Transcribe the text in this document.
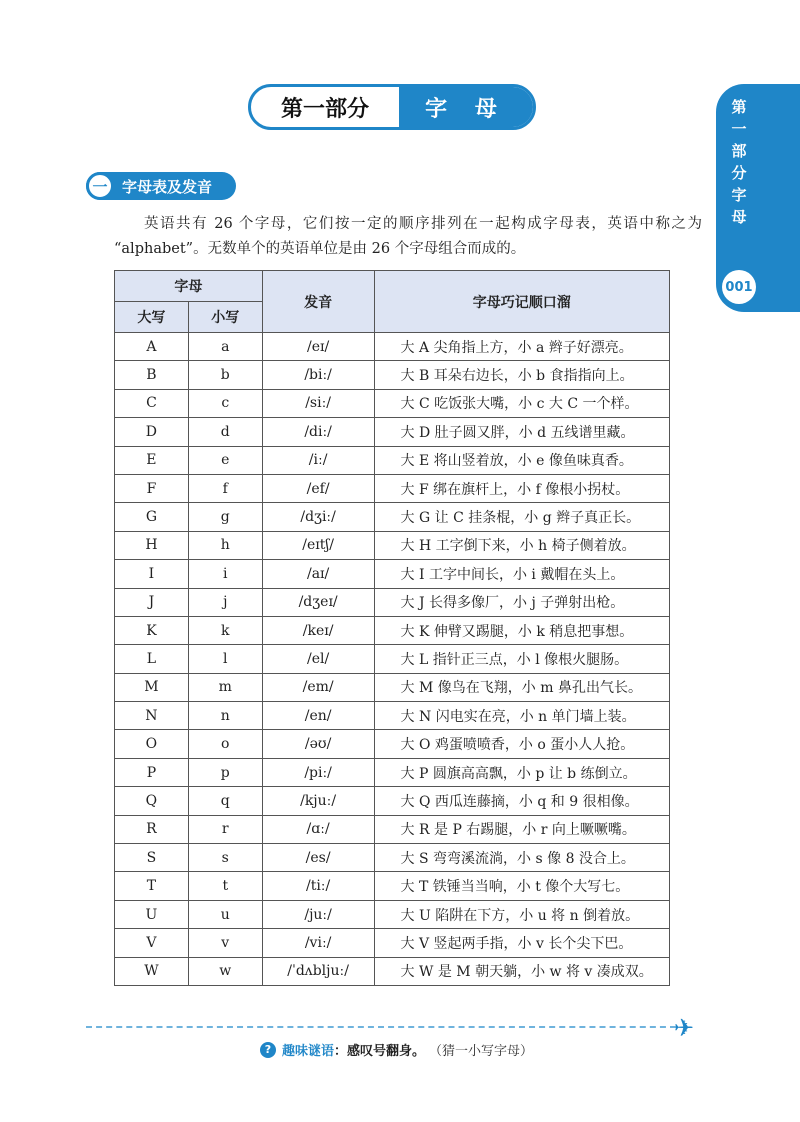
第一部分	字 母	第一部分字母
001
一 字母表及发音
英语共有 26 个字母，它们按一定的顺序排列在一起构成字母表，英语中称之为 “alphabet”。无数单个的英语单位是由 26 个字母组合而成的。
字母		发音	字母巧记顺口溜
大写	小写		
A	a	/eɪ/	大 A 尖角指上方，小 a 辫子好漂亮。
B	b	/biː/	大 B 耳朵右边长，小 b 食指指向上。
C	c	/siː/	大 C 吃饭张大嘴，小 c 大 C 一个样。
D	d	/diː/	大 D 肚子圆又胖，小 d 五线谱里藏。
E	e	/iː/	大 E 将山竖着放，小 e 像鱼味真香。
F	f	/ef/	大 F 绑在旗杆上，小 f 像根小拐杖。
G	g	/dʒiː/	大 G 让 C 挂条棍，小 g 辫子真正长。
H	h	/eɪtʃ/	大 H 工字倒下来，小 h 椅子侧着放。
I	i	/aɪ/	大 I 工字中间长，小 i 戴帽在头上。
J	j	/dʒeɪ/	大 J 长得多像厂，小 j 子弹射出枪。
K	k	/keɪ/	大 K 伸臂又踢腿，小 k 稍息把事想。
L	l	/el/	大 L 指针正三点，小 l 像根火腿肠。
M	m	/em/	大 M 像鸟在飞翔，小 m 鼻孔出气长。
N	n	/en/	大 N 闪电实在亮，小 n 单门墙上装。
O	o	/əʊ/	大 O 鸡蛋喷喷香，小 o 蛋小人人抢。
P	p	/piː/	大 P 圆旗高高飘，小 p 让 b 练倒立。
Q	q	/kjuː/	大 Q 西瓜连藤摘，小 q 和 9 很相像。
R	r	/ɑː/	大 R 是 P 右踢腿，小 r 向上噘噘嘴。
S	s	/es/	大 S 弯弯溪流淌，小 s 像 8 没合上。
T	t	/tiː/	大 T 铁锤当当响，小 t 像个大写七。
U	u	/juː/	大 U 陷阱在下方，小 u 将 n 倒着放。
V	v	/viː/	大 V 竖起两手指，小 v 长个尖下巴。
W	w	/ˈdʌbljuː/	大 W 是 M 朝天躺，小 w 将 v 凑成双。
✈
? 趣味谜语 ：感叹号翻身。 （猜一小写字母）
